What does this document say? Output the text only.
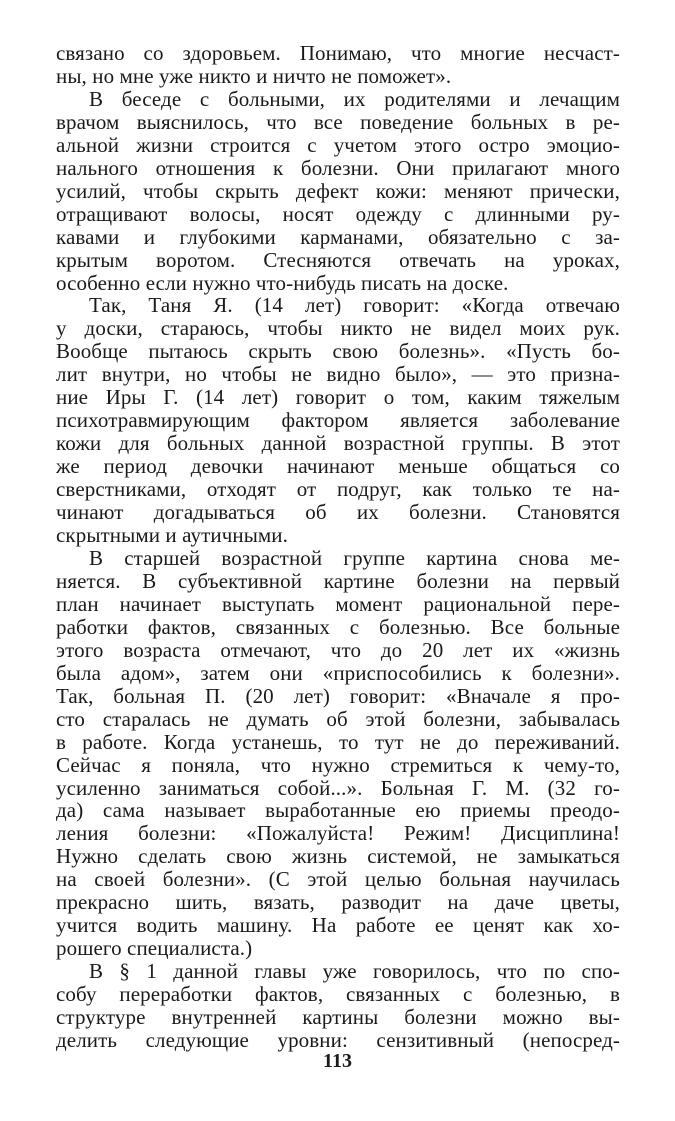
связано со здоровьем. Понимаю, что многие несчаст-
ны, но мне уже никто и ничто не поможет».
В беседе с больными, их родителями и лечащим
врачом выяснилось, что все поведение больных в ре-
альной жизни строится с учетом этого остро эмоцио-
нального отношения к болезни. Они прилагают много
усилий, чтобы скрыть дефект кожи: меняют прически,
отращивают волосы, носят одежду с длинными ру-
кавами и глубокими карманами, обязательно с за-
крытым воротом. Стесняются отвечать на уроках,
особенно если нужно что-нибудь писать на доске.
Так, Таня Я. (14 лет) говорит: «Когда отвечаю
у доски, стараюсь, чтобы никто не видел моих рук.
Вообще пытаюсь скрыть свою болезнь». «Пусть бо-
лит внутри, но чтобы не видно было», — это призна-
ние Иры Г. (14 лет) говорит о том, каким тяжелым
психотравмирующим фактором является заболевание
кожи для больных данной возрастной группы. В этот
же период девочки начинают меньше общаться со
сверстниками, отходят от подруг, как только те на-
чинают догадываться об их болезни. Становятся
скрытными и аутичными.
В старшей возрастной группе картина снова ме-
няется. В субъективной картине болезни на первый
план начинает выступать момент рациональной пере-
работки фактов, связанных с болезнью. Все больные
этого возраста отмечают, что до 20 лет их «жизнь
была адом», затем они «приспособились к болезни».
Так, больная П. (20 лет) говорит: «Вначале я про-
сто старалась не думать об этой болезни, забывалась
в работе. Когда устанешь, то тут не до переживаний.
Сейчас я поняла, что нужно стремиться к чему-то,
усиленно заниматься собой...». Больная Г. М. (32 го-
да) сама называет выработанные ею приемы преодо-
ления болезни: «Пожалуйста! Режим! Дисциплина!
Нужно сделать свою жизнь системой, не замыкаться
на своей болезни». (С этой целью больная научилась
прекрасно шить, вязать, разводит на даче цветы,
учится водить машину. На работе ее ценят как хо-
рошего специалиста.)
В § 1 данной главы уже говорилось, что по спо-
собу переработки фактов, связанных с болезнью, в
структуре внутренней картины болезни можно вы-
делить следующие уровни: сензитивный (непосред-
113
